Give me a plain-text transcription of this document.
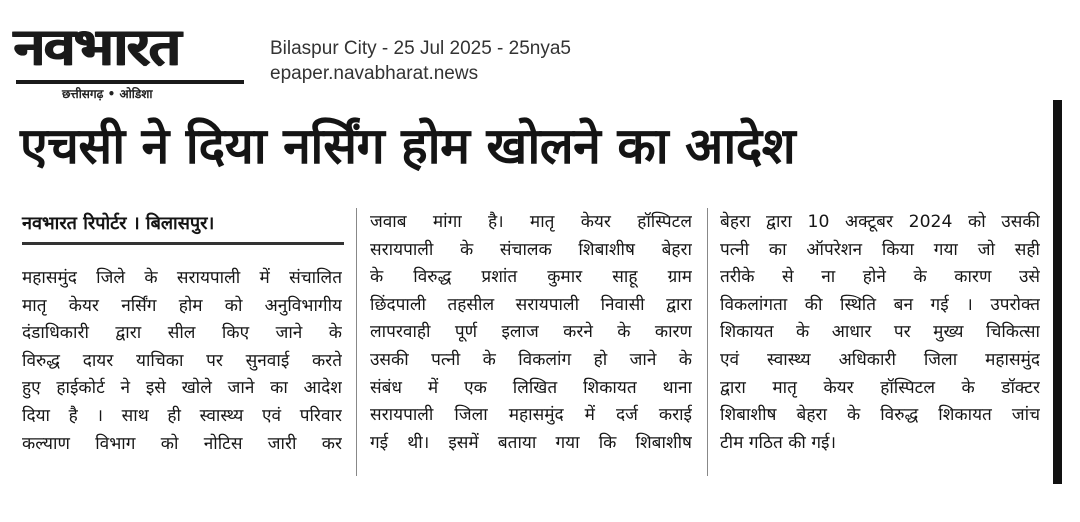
नवभारत
छत्तीसगढ़ • ओडिशा
Bilaspur City - 25 Jul 2025 - 25nya5
epaper.navabharat.news
एचसी ने दिया नर्सिंग होम खोलने का आदेश
नवभारत रिपोर्टर । बिलासपुर।
महासमुंद जिले के सरायपाली में संचालित
मातृ केयर नर्सिंग होम को अनुविभागीय
दंडाधिकारी द्वारा सील किए जाने के
विरुद्ध दायर याचिका पर सुनवाई करते
हुए हाईकोर्ट ने इसे खोले जाने का आदेश
दिया है । साथ ही स्वास्थ्य एवं परिवार
कल्याण विभाग को नोटिस जारी कर
जवाब मांगा है। मातृ केयर हॉस्पिटल
सरायपाली के संचालक शिबाशीष बेहरा
के विरुद्ध प्रशांत कुमार साहू ग्राम
छिंदपाली तहसील सरायपाली निवासी द्वारा
लापरवाही पूर्ण इलाज करने के कारण
उसकी पत्नी के विकलांग हो जाने के
संबंध में एक लिखित शिकायत थाना
सरायपाली जिला महासमुंद में दर्ज कराई
गई थी। इसमें बताया गया कि शिबाशीष
बेहरा द्वारा 10 अक्टूबर 2024 को उसकी
पत्नी का ऑपरेशन किया गया जो सही
तरीके से ना होने के कारण उसे
विकलांगता की स्थिति बन गई । उपरोक्त
शिकायत के आधार पर मुख्य चिकित्सा
एवं स्वास्थ्य अधिकारी जिला महासमुंद
द्वारा मातृ केयर हॉस्पिटल के डॉक्टर
शिबाशीष बेहरा के विरुद्ध शिकायत जांच
टीम गठित की गई।
